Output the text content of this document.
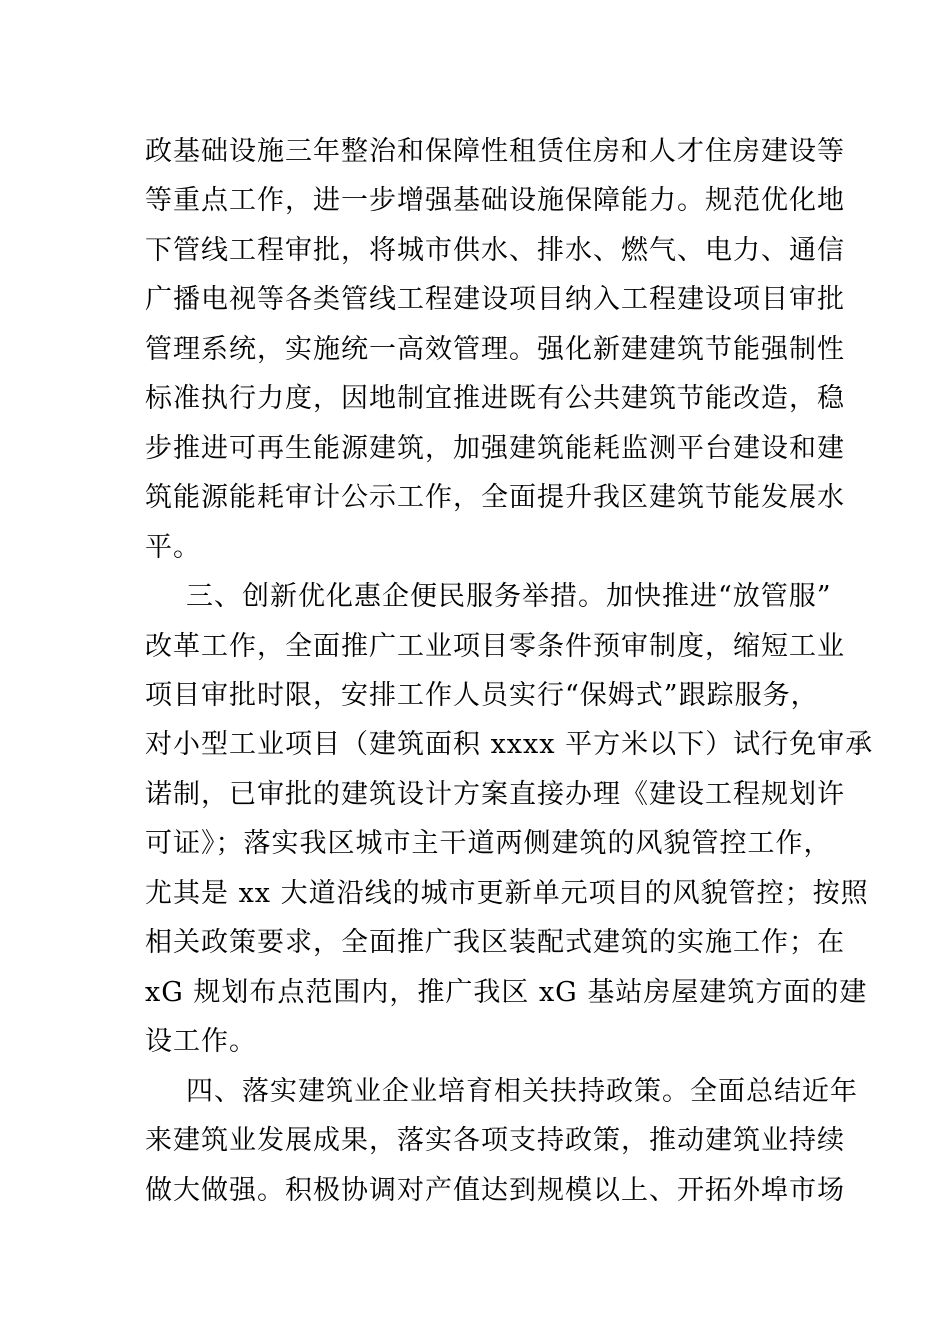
政基础设施三年整治和保障性租赁住房和人才住房建设等
等重点工作，进一步增强基础设施保障能力。规范优化地
下管线工程审批，将城市供水、排水、燃气、电力、通信
广播电视等各类管线工程建设项目纳入工程建设项目审批
管理系统，实施统一高效管理。强化新建建筑节能强制性
标准执行力度，因地制宜推进既有公共建筑节能改造，稳
步推进可再生能源建筑，加强建筑能耗监测平台建设和建
筑能源能耗审计公示工作，全面提升我区建筑节能发展水
平。
三、创新优化惠企便民服务举措。加快推进“放管服”
改革工作，全面推广工业项目零条件预审制度，缩短工业
项目审批时限，安排工作人员实行“保姆式”跟踪服务，
对小型工业项目（建筑面积 xxxx 平方米以下）试行免审承
诺制，已审批的建筑设计方案直接办理《建设工程规划许
可证》；落实我区城市主干道两侧建筑的风貌管控工作，
尤其是 xx 大道沿线的城市更新单元项目的风貌管控；按照
相关政策要求，全面推广我区装配式建筑的实施工作；在
xG 规划布点范围内，推广我区 xG 基站房屋建筑方面的建
设工作。
四、落实建筑业企业培育相关扶持政策。全面总结近年
来建筑业发展成果，落实各项支持政策，推动建筑业持续
做大做强。积极协调对产值达到规模以上、开拓外埠市场
